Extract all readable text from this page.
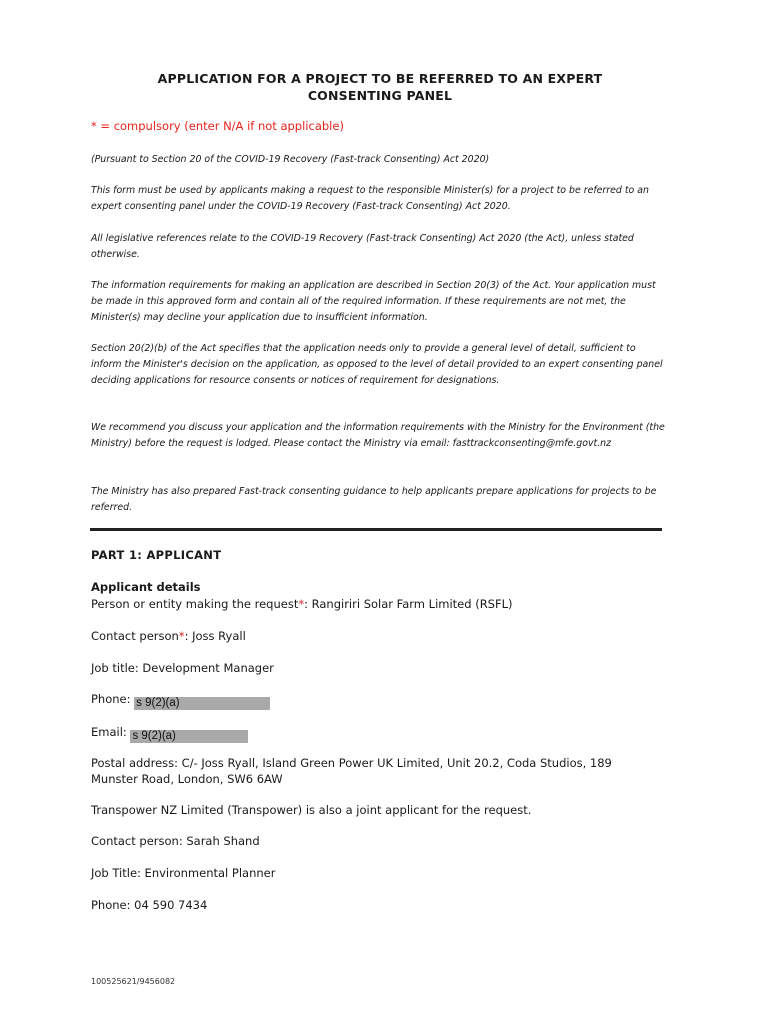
APPLICATION FOR A PROJECT TO BE REFERRED TO AN EXPERT
CONSENTING PANEL
* = compulsory (enter N/A if not applicable)
(Pursuant to Section 20 of the COVID-19 Recovery (Fast-track Consenting) Act 2020)
This form must be used by applicants making a request to the responsible Minister(s) for a project to be referred to an expert consenting panel under the COVID-19 Recovery (Fast-track Consenting) Act 2020.
All legislative references relate to the COVID-19 Recovery (Fast-track Consenting) Act 2020 (the Act), unless stated otherwise.
The information requirements for making an application are described in Section 20(3) of the Act. Your application must be made in this approved form and contain all of the required information. If these requirements are not met, the Minister(s) may decline your application due to insufficient information.
Section 20(2)(b) of the Act specifies that the application needs only to provide a general level of detail, sufficient to inform the Minister's decision on the application, as opposed to the level of detail provided to an expert consenting panel deciding applications for resource consents or notices of requirement for designations.
We recommend you discuss your application and the information requirements with the Ministry for the Environment (the Ministry) before the request is lodged. Please contact the Ministry via email: fasttrackconsenting@mfe.govt.nz
The Ministry has also prepared Fast-track consenting guidance to help applicants prepare applications for projects to be referred.
PART 1: APPLICANT
Applicant details
Person or entity making the request*: Rangiriri Solar Farm Limited (RSFL)
Contact person*: Joss Ryall
Job title: Development Manager
Phone: s 9(2)(a)
Email: s 9(2)(a)
Postal address: C/- Joss Ryall, Island Green Power UK Limited, Unit 20.2, Coda Studios, 189 Munster Road, London, SW6 6AW
Transpower NZ Limited (Transpower) is also a joint applicant for the request.
Contact person: Sarah Shand
Job Title: Environmental Planner
Phone: 04 590 7434
100525621/9456082
